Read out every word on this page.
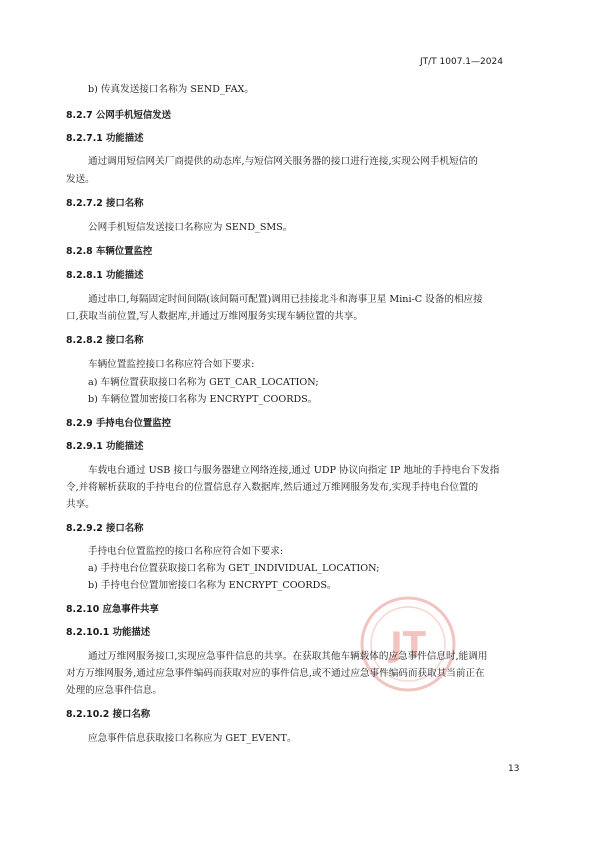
JT/T 1007.1—2024
JT
b) 传真发送接口名称为 SEND_FAX。
8.2.7 公网手机短信发送
8.2.7.1 功能描述
通过调用短信网关厂商提供的动态库,与短信网关服务器的接口进行连接,实现公网手机短信的
发送。
8.2.7.2 接口名称
公网手机短信发送接口名称应为 SEND_SMS。
8.2.8 车辆位置监控
8.2.8.1 功能描述
通过串口,每隔固定时间间隔(该间隔可配置)调用已挂接北斗和海事卫星 Mini-C 设备的相应接
口,获取当前位置,写人数据库,并通过万维网服务实现车辆位置的共享。
8.2.8.2 接口名称
车辆位置监控接口名称应符合如下要求:
a) 车辆位置获取接口名称为 GET_CAR_LOCATION;
b) 车辆位置加密接口名称为 ENCRYPT_COORDS。
8.2.9 手持电台位置监控
8.2.9.1 功能描述
车载电台通过 USB 接口与服务器建立网络连接,通过 UDP 协议向指定 IP 地址的手持电台下发指
令,并将解析获取的手持电台的位置信息存入数据库,然后通过万维网服务发布,实现手持电台位置的
共享。
8.2.9.2 接口名称
手持电台位置监控的接口名称应符合如下要求:
a) 手持电台位置获取接口名称为 GET_INDIVIDUAL_LOCATION;
b) 手持电台位置加密接口名称为 ENCRYPT_COORDS。
8.2.10 应急事件共享
8.2.10.1 功能描述
通过万维网服务接口,实现应急事件信息的共享。在获取其他车辆载体的应急事件信息时,能调用
对方万维网服务,通过应急事件编码而获取对应的事件信息,或不通过应急事件编码而获取其当前正在
处理的应急事件信息。
8.2.10.2 接口名称
应急事件信息获取接口名称应为 GET_EVENT。
13
